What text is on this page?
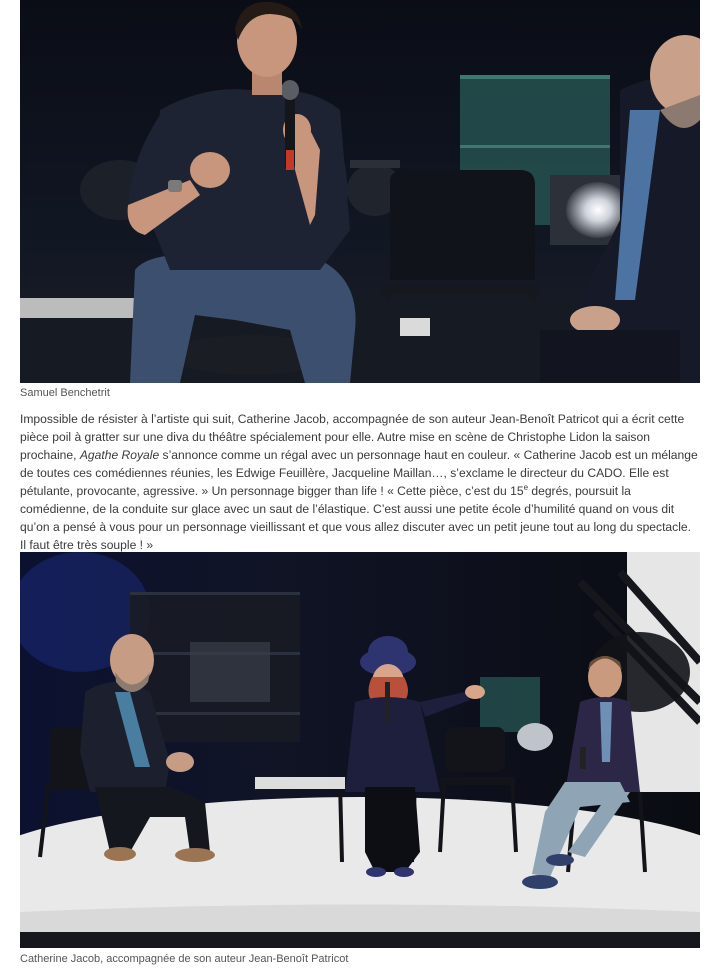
Samuel Benchetrit

Impossible de résister à l’artiste qui suit, Catherine Jacob, accompagnée de son auteur Jean-Benoît Patricot qui a écrit cette pièce poil à gratter sur une diva du théâtre spécialement pour elle. Autre mise en scène de Christophe Lidon la saison prochaine, Agathe Royale s’annonce comme un régal avec un personnage haut en couleur. « Catherine Jacob est un mélange de toutes ces comédiennes réunies, les Edwige Feuillère, Jacqueline Maillan…, s’exclame le directeur du CADO. Elle est pétulante, provocante, agressive. » Un personnage bigger than life ! « Cette pièce, c’est du 15e degrés, poursuit la comédienne, de la conduite sur glace avec un saut de l’élastique. C’est aussi une petite école d’humilité quand on vous dit qu’on a pensé à vous pour un personnage vieillissant et que vous allez discuter avec un petit jeune tout au long du spectacle. Il faut être très souple ! »

Catherine Jacob, accompagnée de son auteur Jean-Benoît Patricot
